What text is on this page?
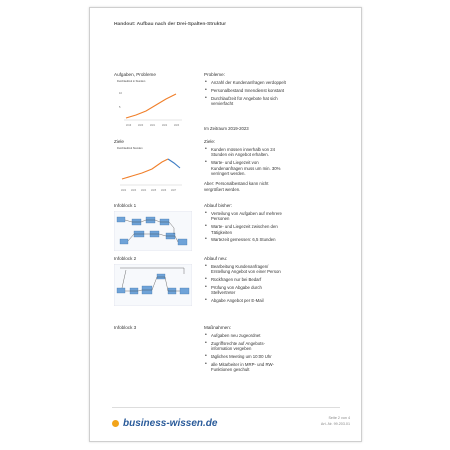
Handout: Aufbau nach der Drei-Spalten-Struktur
Aufgaben, Probleme
Durchlaufzeit in Stunden
10
5
2019	2020	2021	2022	2023
Probleme:
• Anzahl der Kundenanfragen verdoppelt
• Personalbestand Innendienst konstant
• Durchlaufzeit für Angebote hat sich vervierfacht
Im Zeitraum 2019-2023
Ziele
Durchlaufzeit Stunden
2022	2023	2024	2025	2026	2027
Ziele:
• Kunden müssen innerhalb von 24 Stunden ein Angebot erhalten.
• Warte- und Liegezeit von Kundenanfragen muss um min. 30% verringert werden.
Aber: Personalbestand kann nicht vergrößert werden.
Infoblock 1	Ablauf bisher:
• Verteilung von Aufgaben auf mehrere Personen
• Warte- und Liegezeit zwischen den Tätigkeiten
• Wartezeit gemessen: 6,5 Stunden
Infoblock 2	Ablauf neu:
• Bearbeitung Kundenanfragen/ Erstellung Angebot von einer Person
• Rückfragen nur bei Bedarf
• Prüfung von Abgabe durch Stellvertreter
• Abgabe Angebot per E-Mail
Infoblock 3	Maßnahmen:
• Aufgaben neu zugeordnet
• Zugriffsrechte auf Angebots-information vergeben
• tägliches Meeting um 10:00 Uhr
• alle Mitarbeiter in MRP- und RW-Funktionen geschult
business-wissen.de	Seite 2 von 4
Art.-Nr. 99.203.01
